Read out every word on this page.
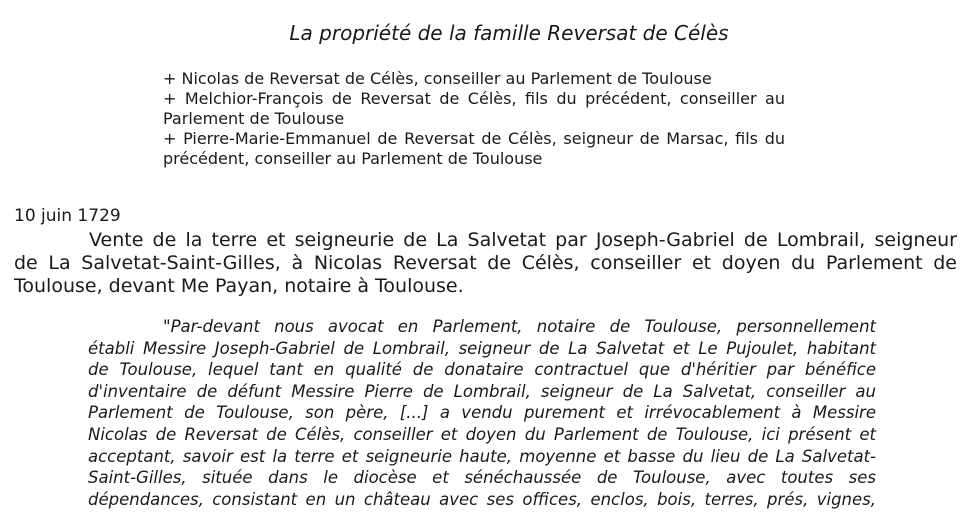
La propriété de la famille Reversat de Célès
+ Nicolas de Reversat de Célès, conseiller au Parlement de Toulouse
+ Melchior-François de Reversat de Célès, fils du précédent, conseiller au
Parlement de Toulouse
+ Pierre-Marie-Emmanuel de Reversat de Célès, seigneur de Marsac, fils du
précédent, conseiller au Parlement de Toulouse
10 juin 1729
Vente de la terre et seigneurie de La Salvetat par Joseph-Gabriel de Lombrail, seigneur
de La Salvetat-Saint-Gilles, à Nicolas Reversat de Célès, conseiller et doyen du Parlement de
Toulouse, devant Me Payan, notaire à Toulouse.
"Par-devant nous avocat en Parlement, notaire de Toulouse, personnellement
établi Messire Joseph-Gabriel de Lombrail, seigneur de La Salvetat et Le Pujoulet, habitant
de Toulouse, lequel tant en qualité de donataire contractuel que d'héritier par bénéfice
d'inventaire de défunt Messire Pierre de Lombrail, seigneur de La Salvetat, conseiller au
Parlement de Toulouse, son père, [...] a vendu purement et irrévocablement à Messire
Nicolas de Reversat de Célès, conseiller et doyen du Parlement de Toulouse, ici présent et
acceptant, savoir est la terre et seigneurie haute, moyenne et basse du lieu de La Salvetat-
Saint-Gilles, située dans le diocèse et sénéchaussée de Toulouse, avec toutes ses
dépendances, consistant en un château avec ses offices, enclos, bois, terres, prés, vignes,
